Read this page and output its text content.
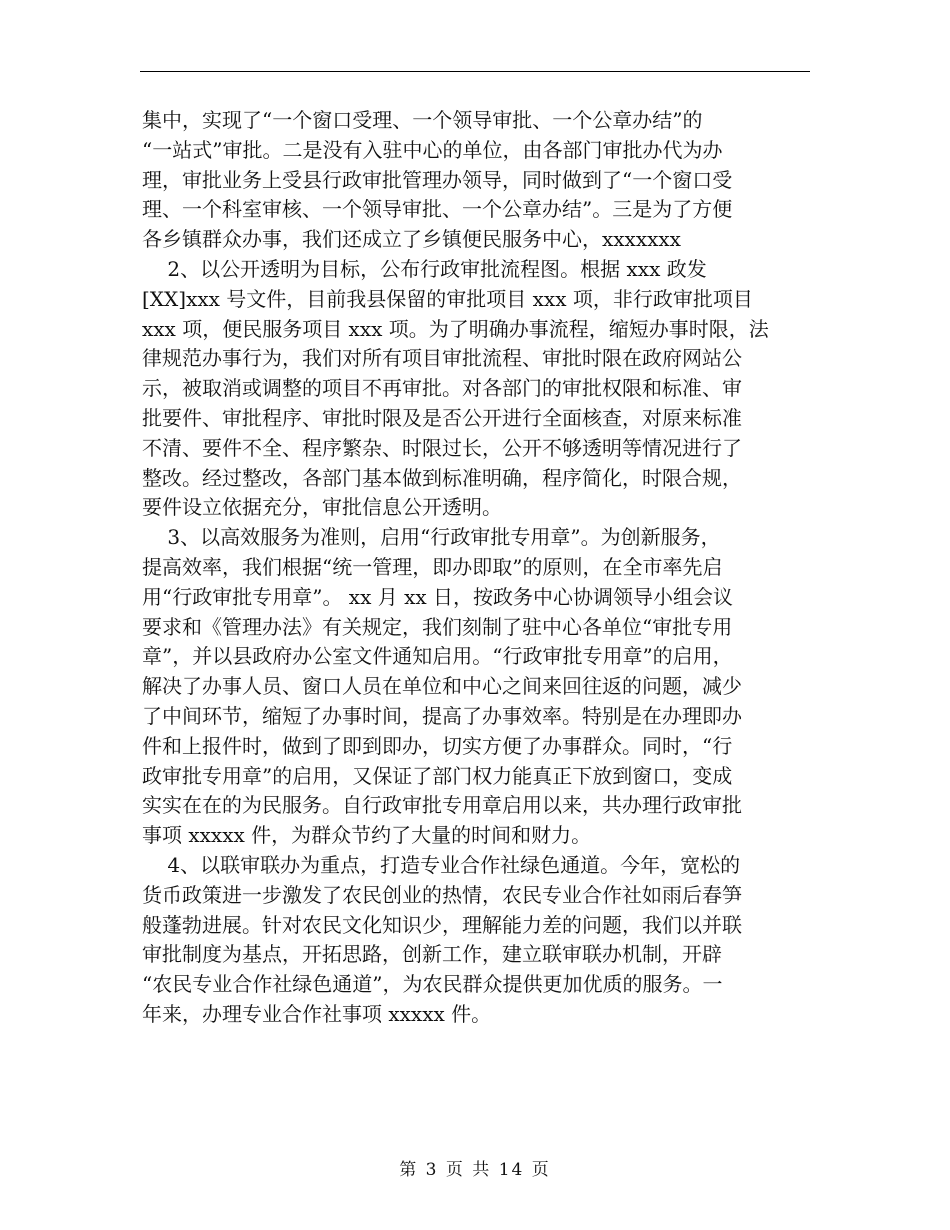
集中，实现了“一个窗口受理、一个领导审批、一个公章办结”的
“一站式”审批。二是没有入驻中心的单位，由各部门审批办代为办
理，审批业务上受县行政审批管理办领导，同时做到了“一个窗口受
理、一个科室审核、一个领导审批、一个公章办结”。三是为了方便
各乡镇群众办事，我们还成立了乡镇便民服务中心，xxxxxxx
2、以公开透明为目标，公布行政审批流程图。根据 xxx 政发
[XX]xxx 号文件，目前我县保留的审批项目 xxx 项，非行政审批项目
xxx 项，便民服务项目 xxx 项。为了明确办事流程，缩短办事时限，法
律规范办事行为，我们对所有项目审批流程、审批时限在政府网站公
示，被取消或调整的项目不再审批。对各部门的审批权限和标准、审
批要件、审批程序、审批时限及是否公开进行全面核查，对原来标准
不清、要件不全、程序繁杂、时限过长，公开不够透明等情况进行了
整改。经过整改，各部门基本做到标准明确，程序简化，时限合规，
要件设立依据充分，审批信息公开透明。
3、以高效服务为准则，启用“行政审批专用章”。为创新服务，
提高效率，我们根据“统一管理，即办即取”的原则，在全市率先启
用“行政审批专用章”。 xx 月 xx 日，按政务中心协调领导小组会议
要求和《管理办法》有关规定，我们刻制了驻中心各单位“审批专用
章”，并以县政府办公室文件通知启用。“行政审批专用章”的启用，
解决了办事人员、窗口人员在单位和中心之间来回往返的问题，减少
了中间环节，缩短了办事时间，提高了办事效率。特别是在办理即办
件和上报件时，做到了即到即办，切实方便了办事群众。同时，“行
政审批专用章”的启用，又保证了部门权力能真正下放到窗口，变成
实实在在的为民服务。自行政审批专用章启用以来，共办理行政审批
事项 xxxxx 件，为群众节约了大量的时间和财力。
4、以联审联办为重点，打造专业合作社绿色通道。今年，宽松的
货币政策进一步激发了农民创业的热情，农民专业合作社如雨后春笋
般蓬勃进展。针对农民文化知识少，理解能力差的问题，我们以并联
审批制度为基点，开拓思路，创新工作，建立联审联办机制，开辟
“农民专业合作社绿色通道”，为农民群众提供更加优质的服务。一
年来，办理专业合作社事项 xxxxx 件。
第 3 页 共 14 页
